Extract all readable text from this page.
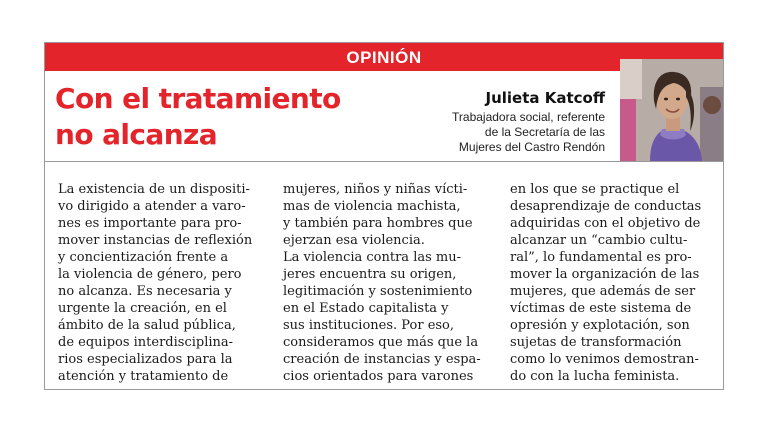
OPINIÓN
Con el tratamiento
no alcanza
Julieta Katcoff
Trabajadora social, referente
de la Secretaría de las
Mujeres del Castro Rendón
La existencia de un dispositi-
vo dirigido a atender a varo-
nes es importante para pro-
mover instancias de reflexión
y concientización frente a
la violencia de género, pero
no alcanza. Es necesaria y
urgente la creación, en el
ámbito de la salud pública,
de equipos interdisciplina-
rios especializados para la
atención y tratamiento de
mujeres, niños y niñas vícti-
mas de violencia machista,
y también para hombres que
ejerzan esa violencia.
La violencia contra las mu-
jeres encuentra su origen,
legitimación y sostenimiento
en el Estado capitalista y
sus instituciones. Por eso,
consideramos que más que la
creación de instancias y espa-
cios orientados para varones
en los que se practique el
desaprendizaje de conductas
adquiridas con el objetivo de
alcanzar un “cambio cultu-
ral”, lo fundamental es pro-
mover la organización de las
mujeres, que además de ser
víctimas de este sistema de
opresión y explotación, son
sujetas de transformación
como lo venimos demostran-
do con la lucha feminista.
